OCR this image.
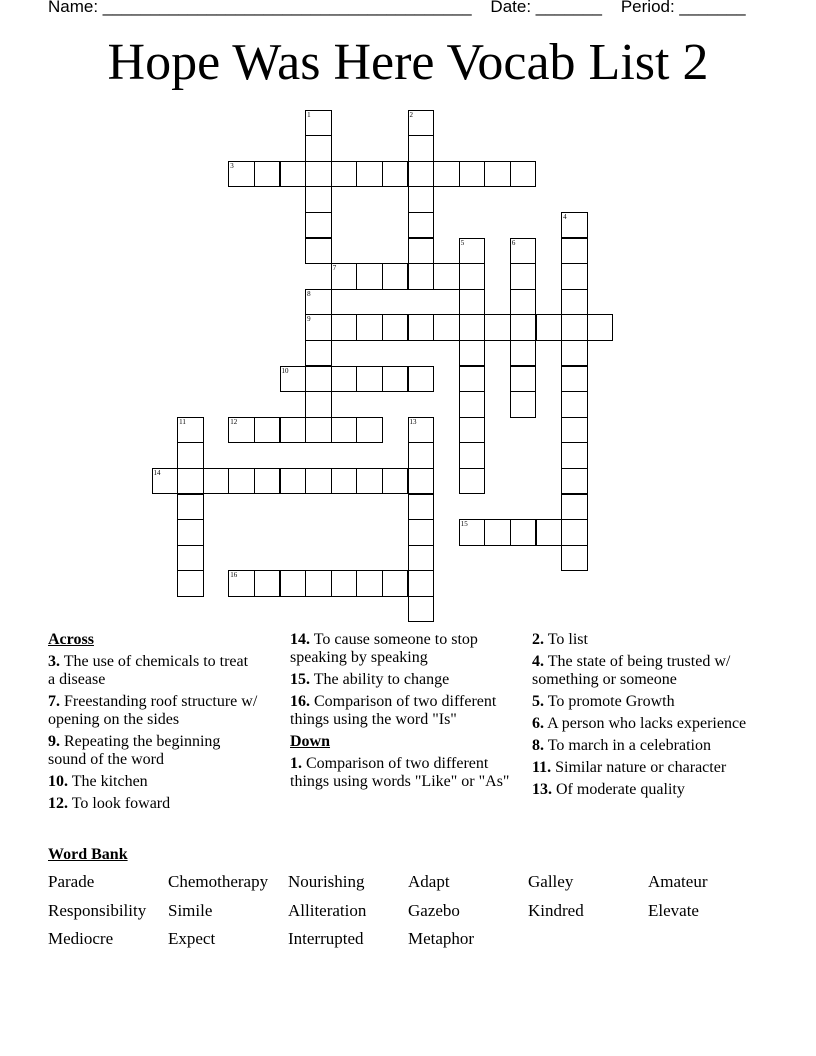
Name: _______________________________________    Date: _______    Period: _______
Hope Was Here Vocab List 2
1	2
3
4
5	6
7
8
9
10
11	12	13
14
15
16
Across
3. The use of chemicals to treat a disease
7. Freestanding roof structure w/ opening on the sides
9. Repeating the beginning sound of the word
10. The kitchen
12. To look foward
14. To cause someone to stop speaking by speaking
15. The ability to change
16. Comparison of two different things using the word "Is"
Down
1. Comparison of two different things using words "Like" or "As"
2. To list
4. The state of being trusted w/ something or someone
5. To promote Growth
6. A person who lacks experience
8. To march in a celebration
11. Similar nature or character
13. Of moderate quality
Word Bank
Parade	Chemotherapy Nourishing	Adapt	Galley	Amateur
Responsibility Simile	Alliteration Gazebo	Kindred	Elevate
Mediocre	Expect	Interrupted	Metaphor
